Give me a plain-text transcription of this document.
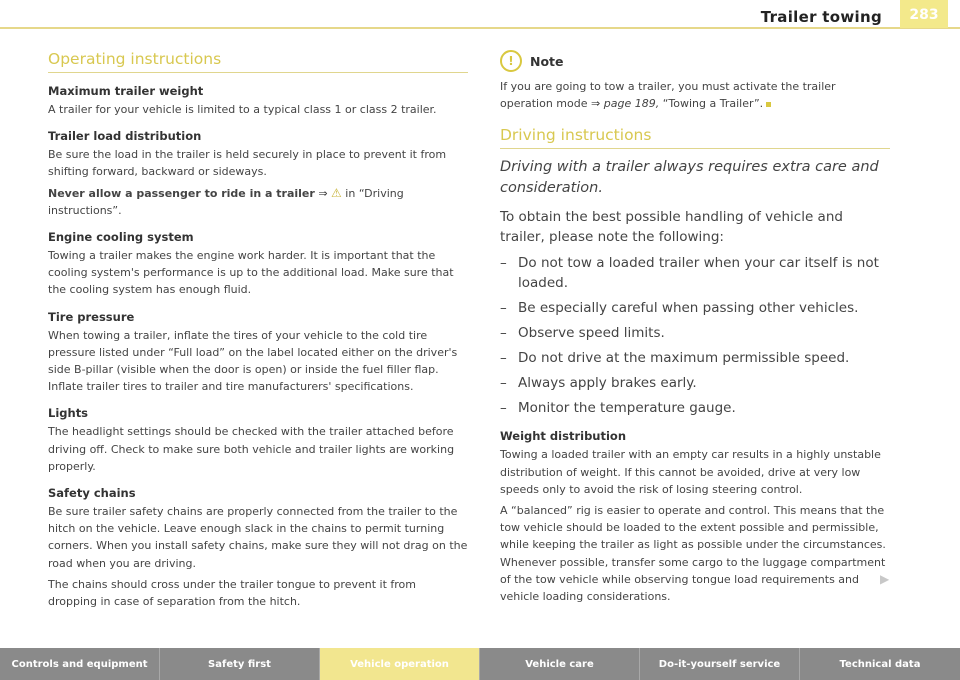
Trailer towing	283
Operating instructions
Maximum trailer weight

A trailer for your vehicle is limited to a typical class 1 or class 2 trailer.

Trailer load distribution

Be sure the load in the trailer is held securely in place to prevent it from shifting forward, backward or sideways.

Never allow a passenger to ride in a trailer ⇒ ⚠ in “Driving instructions”.

Engine cooling system

Towing a trailer makes the engine work harder. It is important that the cooling system's performance is up to the additional load. Make sure that the cooling system has enough fluid.

Tire pressure

When towing a trailer, inflate the tires of your vehicle to the cold tire pressure listed under “Full load” on the label located either on the driver's side B-pillar (visible when the door is open) or inside the fuel filler flap. Inflate trailer tires to trailer and tire manufacturers' specifications.

Lights

The headlight settings should be checked with the trailer attached before driving off. Check to make sure both vehicle and trailer lights are working properly.

Safety chains

Be sure trailer safety chains are properly connected from the trailer to the hitch on the vehicle. Leave enough slack in the chains to permit turning corners. When you install safety chains, make sure they will not drag on the road when you are driving.

The chains should cross under the trailer tongue to prevent it from dropping in case of separation from the hitch.

!	Note

If you are going to tow a trailer, you must activate the trailer operation mode ⇒ page 189, “Towing a Trailer”.

Driving instructions

Driving with a trailer always requires extra care and consideration.

To obtain the best possible handling of vehicle and trailer, please note the following:

– Do not tow a loaded trailer when your car itself is not loaded.
– Be especially careful when passing other vehicles.
– Observe speed limits.
– Do not drive at the maximum permissible speed.
– Always apply brakes early.
– Monitor the temperature gauge.
Weight distribution

Towing a loaded trailer with an empty car results in a highly unstable distribution of weight. If this cannot be avoided, drive at very low speeds only to avoid the risk of losing steering control.

A “balanced” rig is easier to operate and control. This means that the tow vehicle should be loaded to the extent possible and permissible, while keeping the trailer as light as possible under the circumstances. Whenever possible, transfer some cargo to the luggage compartment of the tow vehicle while observing tongue load requirements and vehicle loading considerations.

▶
Controls and equipment	Safety first	Vehicle operation	Vehicle care	Do-it-yourself service	Technical data
